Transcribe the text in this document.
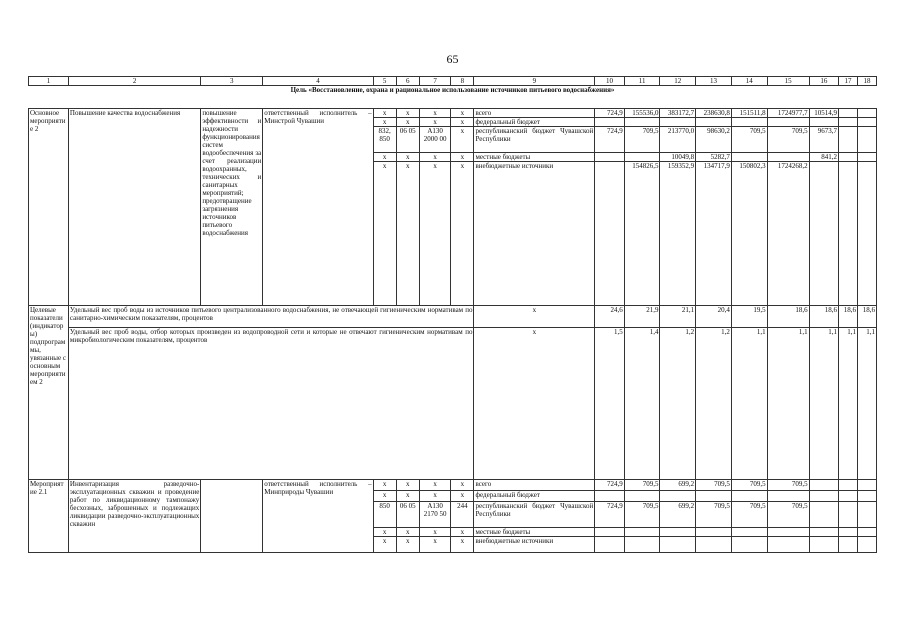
65
1	2	3	4	5	6	7	8	9	10	11	12	13	14	15	16	17	18
Цель «Восстановление, охрана и рациональное использование источников питьевого водоснабжения»																	
Основное мероприятие 2	Повышение качества водоснабжения	повышение эффективности и надежности функционирования систем водообеспечения за счет реализации водоохранных, технических и санитарных мероприятий; предотвращение загрязнения источников питьевого водоснабжения	ответственный исполнитель – Минстрой Чувашии	x	x	x	x	всего	724,9	155536,0	383172,7	238630,8	151511,8	1724977,7	10514,9		
				x	x	x	x	федеральный бюджет									
				832, 850	06 05	А130 2000 00	x	республиканский бюджет Чувашской Республики	724,9	709,5	213770,0	98630,2	709,5	709,5	9673,7		
				x	x	x	x	местные бюджеты			10049,8	5282,7			841,2		
				x	x	x	x	внебюджетные источники		154826,5	159352,9	134717,9	150802,3	1724268,2			
Целевые показатели (индикаторы) подпрограммы, увязанные с основным мероприятием 2	Удельный вес проб воды из источников питьевого централизованного водоснабжения, не отвечающей гигиеническим нормативам по санитарно-химическим показателям, процентов							x	24,6	21,9	21,1	20,4	19,5	18,6	18,6	18,6	18,6
	Удельный вес проб воды, отбор которых произведен из водопроводной сети и которые не отвечают гигиеническим нормативам по микробиологическим показателям, процентов							x	1,5	1,4	1,2	1,2	1,1	1,1	1,1	1,1	1,1
Мероприятие 2.1	Инвентаризация разведочно-эксплуатационных скважин и проведение работ по ликвидационному тампонажу бесхозных, заброшенных и подлежащих ликвидации разведочно-эксплуатационных скважин		ответственный исполнитель – Минприроды Чувашии	x	x	x	x	всего	724,9	709,5	699,2	709,5	709,5	709,5			
				x	x	x	x	федеральный бюджет									
				850	06 05	А130 2170 50	244	республиканский бюджет Чувашской Республики	724,9	709,5	699,2	709,5	709,5	709,5			
				x	x	x	x	местные бюджеты									
				x	x	x	x	внебюджетные источники									
